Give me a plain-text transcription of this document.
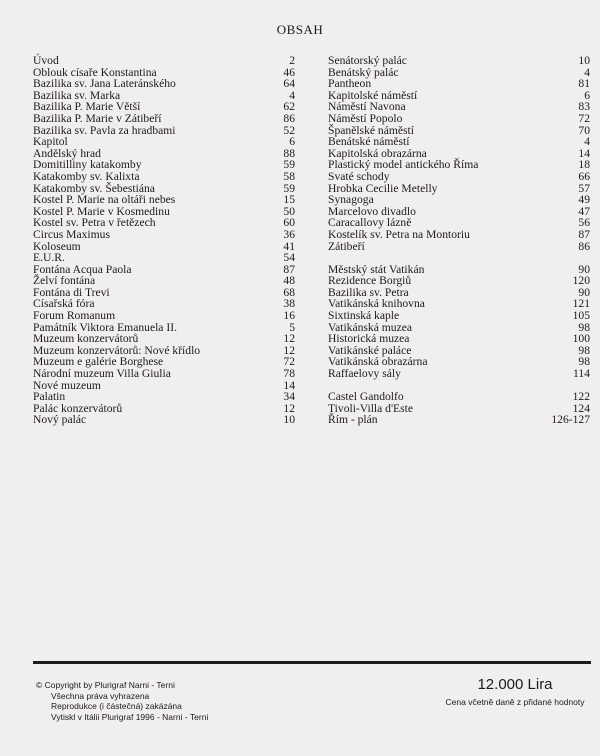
OBSAH
Úvod	2
Oblouk císaře Konstantina	46
Bazilika sv. Jana Lateránského	64
Bazilika sv. Marka	4
Bazilika P. Marie Větší	62
Bazilika P. Marie v Zátibeří	86
Bazilika sv. Pavla za hradbami	52
Kapitol	6
Andělský hrad	88
Domitilliny katakomby	59
Katakomby sv. Kalixta	58
Katakomby sv. Šebestiána	59
Kostel P. Marie na oltáři nebes	15
Kostel P. Marie v Kosmedinu	50
Kostel sv. Petra v řetězech	60
Circus Maximus	36
Koloseum	41
E.U.R.	54
Fontána Acqua Paola	87
Želví fontána	48
Fontána di Trevi	68
Císařská fóra	38
Forum Romanum	16
Památník Viktora Emanuela II.	5
Muzeum konzervátorů	12
Muzeum konzervátorů: Nové křídlo	12
Muzeum e galérie Borghese	72
Národní muzeum Villa Giulia	78
Nové muzeum	14
Palatin	34
Palác konzervátorů	12
Nový palác	10
Senátorský palác	10
Benátský palác	4
Pantheon	81
Kapitolské náměstí	6
Náměstí Navona	83
Náměstí Popolo	72
Španělské náměstí	70
Benátské náměstí	4
Kapitolská obrazárna	14
Plastický model antického Říma	18
Svaté schody	66
Hrobka Cecilie Metelly	57
Synagoga	49
Marcelovo divadlo	47
Caracallovy lázně	56
Kostelík sv. Petra na Montoriu	87
Zátibeří	86
Městský stát Vatikán	90
Rezidence Borgiů	120
Bazilika sv. Petra	90
Vatikánská knihovna	121
Sixtinská kaple	105
Vatikánská muzea	98
Historická muzea	100
Vatikánské paláce	98
Vatikánská obrazárna	98
Raffaelovy sály	114
Castel Gandolfo	122
Tivoli-Villa d'Este	124
Řím - plán	126-127
© Copyright by Plurigraf Narni - Terni
Všechna práva vyhrazena
Reprodukce (i částečná) zakázána
Vytiskl v Itálii Plurigraf 1996 - Narni - Terni
12.000 Lira
Cena včetně daně z přidané hodnoty
